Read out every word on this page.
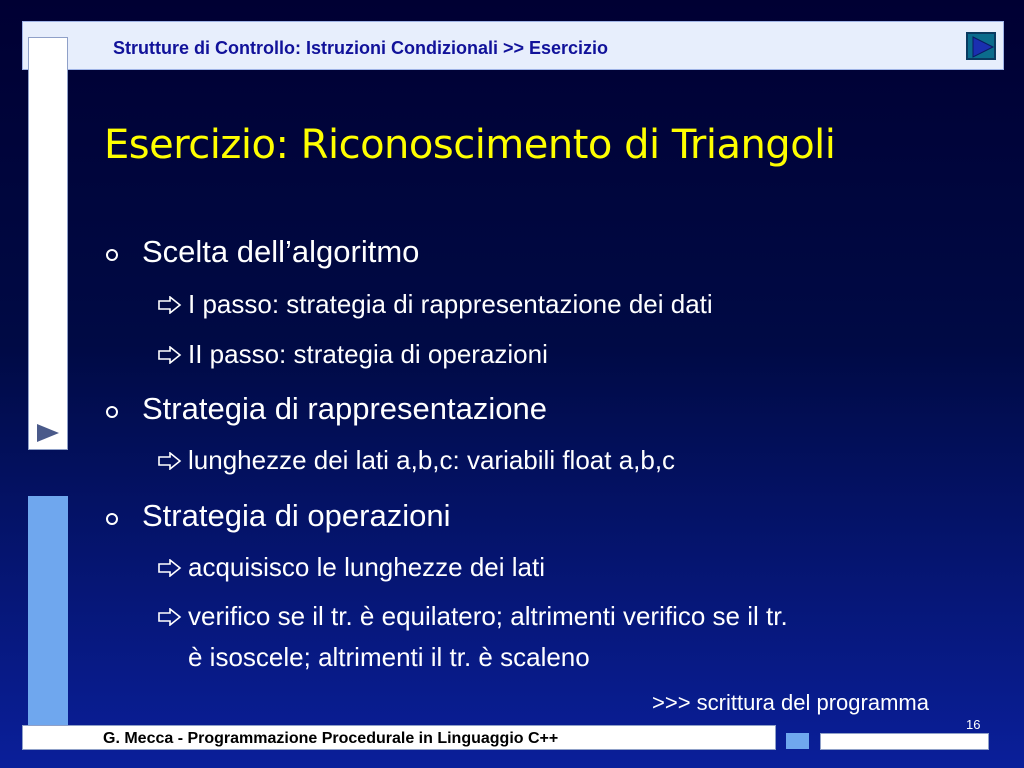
Strutture di Controllo: Istruzioni Condizionali >> Esercizio
Esercizio: Riconoscimento di Triangoli
Scelta dell’algoritmo
I passo: strategia di rappresentazione dei dati
II passo: strategia di operazioni
Strategia di rappresentazione
lunghezze dei lati a,b,c: variabili float a,b,c
Strategia di operazioni
acquisisco le lunghezze dei lati
verifico se il tr. è equilatero; altrimenti verifico se il tr.
è isoscele; altrimenti il tr. è scaleno
>>> scrittura del programma
16
G. Mecca - Programmazione Procedurale in Linguaggio C++
